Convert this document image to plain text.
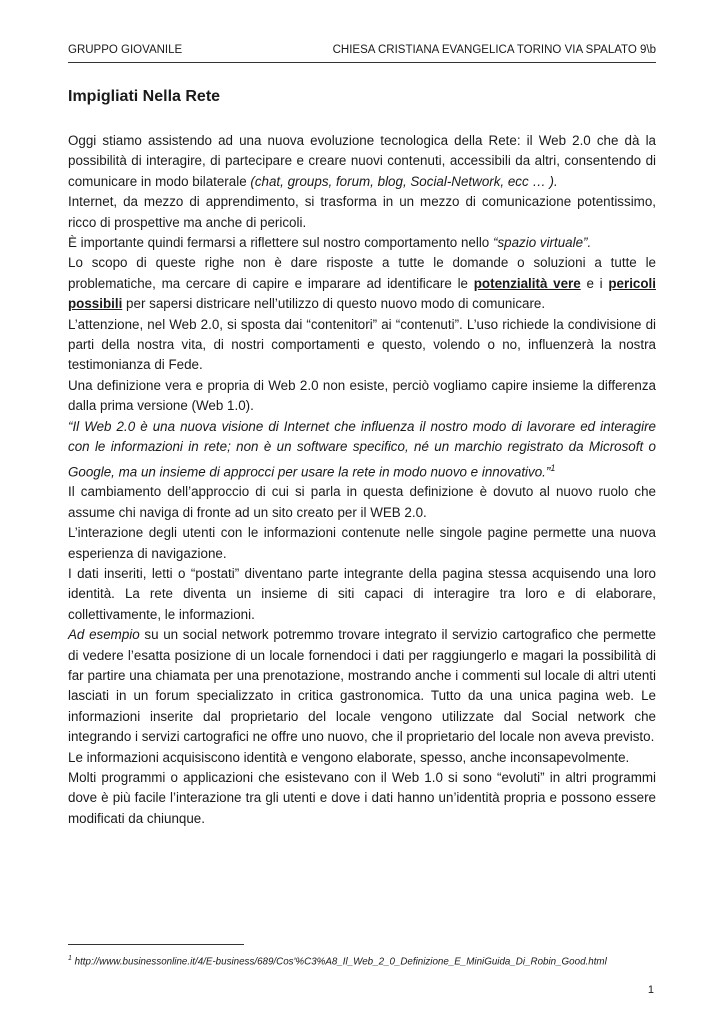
GRUPPO GIOVANILE	CHIESA CRISTIANA EVANGELICA TORINO VIA SPALATO 9\b
Impigliati Nella Rete

Oggi stiamo assistendo ad una nuova evoluzione tecnologica della Rete: il Web 2.0 che dà la possibilità di interagire, di partecipare e creare nuovi contenuti, accessibili da altri, consentendo di comunicare in modo bilaterale (chat, groups, forum, blog, Social-Network, ecc … ).

Internet, da mezzo di apprendimento, si trasforma in un mezzo di comunicazione potentissimo, ricco di prospettive ma anche di pericoli.

È importante quindi fermarsi a riflettere sul nostro comportamento nello “spazio virtuale”.

Lo scopo di queste righe non è dare risposte a tutte le domande o soluzioni a tutte le problematiche, ma cercare di capire e imparare ad identificare le potenzialità vere e i pericoli possibili per sapersi districare nell’utilizzo di questo nuovo modo di comunicare.

L’attenzione, nel Web 2.0, si sposta dai “contenitori” ai “contenuti”. L’uso richiede la condivisione di parti della nostra vita, di nostri comportamenti e questo, volendo o no, influenzerà la nostra testimonianza di Fede.

Una definizione vera e propria di Web 2.0 non esiste, perciò vogliamo capire insieme la differenza dalla prima versione (Web 1.0).

“Il Web 2.0 è una nuova visione di Internet che influenza il nostro modo di lavorare ed interagire con le informazioni in rete; non è un software specifico, né un marchio registrato da Microsoft o Google, ma un insieme di approcci per usare la rete in modo nuovo e innovativo.”$^1$

Il cambiamento dell’approccio di cui si parla in questa definizione è dovuto al nuovo ruolo che assume chi naviga di fronte ad un sito creato per il WEB 2.0.

L’interazione degli utenti con le informazioni contenute nelle singole pagine permette una nuova esperienza di navigazione.

I dati inseriti, letti o “postati” diventano parte integrante della pagina stessa acquisendo una loro identità. La rete diventa un insieme di siti capaci di interagire tra loro e di elaborare, collettivamente, le informazioni.

Ad esempio su un social network potremmo trovare integrato il servizio cartografico che permette di vedere l’esatta posizione di un locale fornendoci i dati per raggiungerlo e magari la possibilità di far partire una chiamata per una prenotazione, mostrando anche i commenti sul locale di altri utenti lasciati in un forum specializzato in critica gastronomica. Tutto da una unica pagina web. Le informazioni inserite dal proprietario del locale vengono utilizzate dal Social network che integrando i servizi cartografici ne offre uno nuovo, che il proprietario del locale non aveva previsto.

Le informazioni acquisiscono identità e vengono elaborate, spesso, anche inconsapevolmente.

Molti programmi o applicazioni che esistevano con il Web 1.0 si sono “evoluti” in altri programmi dove è più facile l’interazione tra gli utenti e dove i dati hanno un’identità propria e possono essere modificati da chiunque.

$^1$ http://www.businessonline.it/4/E-business/689/Cos'%C3%A8_Il_Web_2_0_Definizione_E_MiniGuida_Di_Robin_Good.html
1
